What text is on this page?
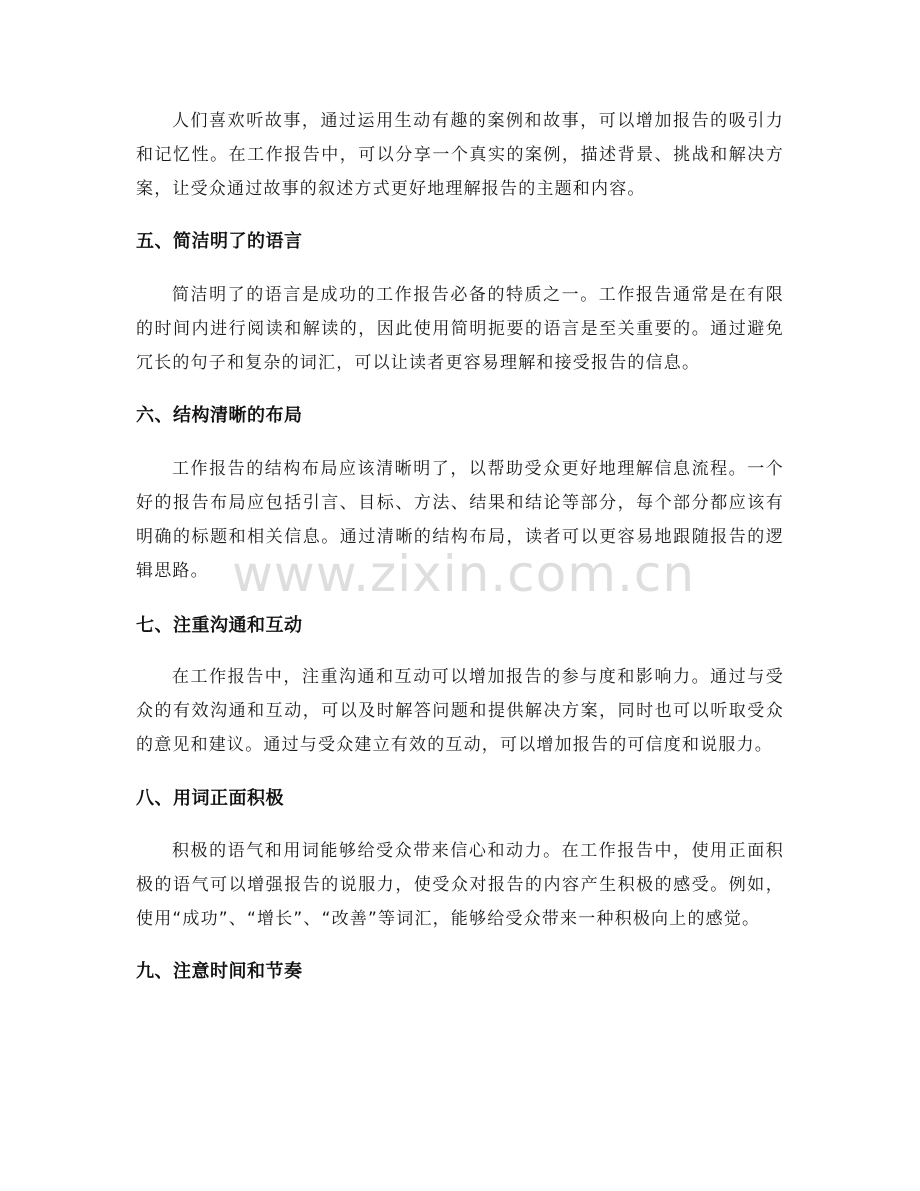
人们喜欢听故事，通过运用生动有趣的案例和故事，可以增加报告的吸引力和记忆性。在工作报告中，可以分享一个真实的案例，描述背景、挑战和解决方案，让受众通过故事的叙述方式更好地理解报告的主题和内容。

五、简洁明了的语言

简洁明了的语言是成功的工作报告必备的特质之一。工作报告通常是在有限的时间内进行阅读和解读的，因此使用简明扼要的语言是至关重要的。通过避免冗长的句子和复杂的词汇，可以让读者更容易理解和接受报告的信息。

六、结构清晰的布局

工作报告的结构布局应该清晰明了，以帮助受众更好地理解信息流程。一个好的报告布局应包括引言、目标、方法、结果和结论等部分，每个部分都应该有明确的标题和相关信息。通过清晰的结构布局，读者可以更容易地跟随报告的逻辑思路。

七、注重沟通和互动

在工作报告中，注重沟通和互动可以增加报告的参与度和影响力。通过与受众的有效沟通和互动，可以及时解答问题和提供解决方案，同时也可以听取受众的意见和建议。通过与受众建立有效的互动，可以增加报告的可信度和说服力。

八、用词正面积极

积极的语气和用词能够给受众带来信心和动力。在工作报告中，使用正面积极的语气可以增强报告的说服力，使受众对报告的内容产生积极的感受。例如，使用“成功”、“增长”、“改善”等词汇，能够给受众带来一种积极向上的感觉。

九、注意时间和节奏
www.zixin.com.cn
